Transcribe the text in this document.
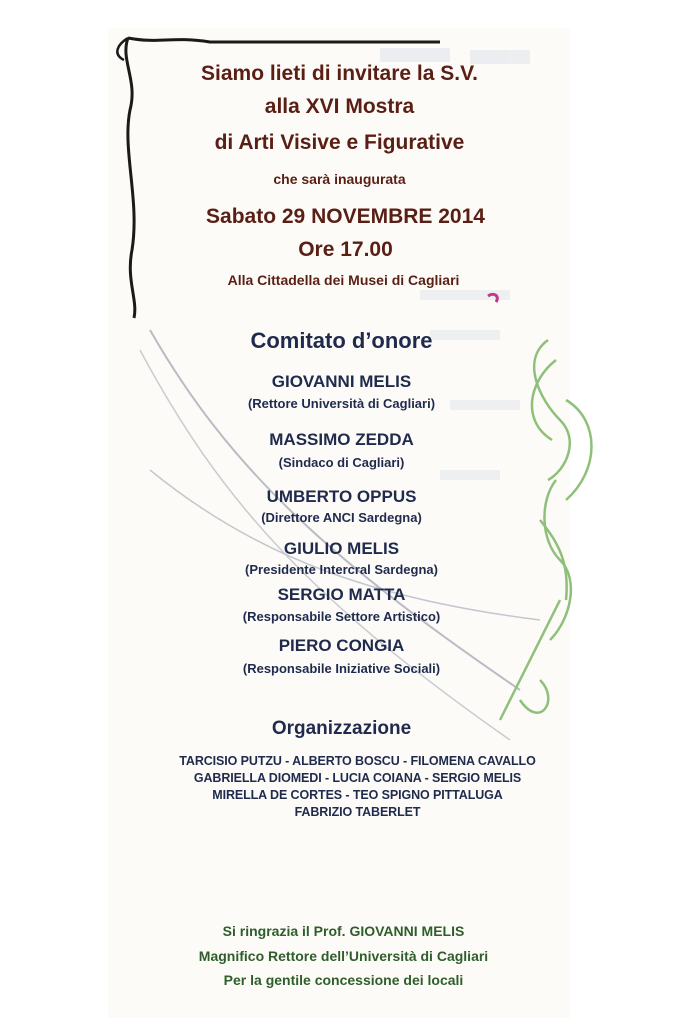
Siamo lieti di invitare la S.V.
alla XVI Mostra
di Arti Visive e Figurative
che sarà inaugurata
Sabato 29 NOVEMBRE 2014
Ore 17.00
Alla Cittadella dei Musei di Cagliari
Comitato d’onore
GIOVANNI MELIS
(Rettore Università di Cagliari)
MASSIMO ZEDDA
(Sindaco di Cagliari)
UMBERTO OPPUS
(Direttore ANCI Sardegna)
GIULIO MELIS
(Presidente Intercral Sardegna)
SERGIO MATTA
(Responsabile Settore Artistico)
PIERO CONGIA
(Responsabile Iniziative Sociali)
Organizzazione
TARCISIO PUTZU - ALBERTO BOSCU - FILOMENA CAVALLO
GABRIELLA DIOMEDI - LUCIA COIANA - SERGIO MELIS
MIRELLA DE CORTES - TEO SPIGNO PITTALUGA
FABRIZIO TABERLET
Si ringrazia il Prof. GIOVANNI MELIS
Magnifico Rettore dell’Università di Cagliari
Per la gentile concessione dei locali
